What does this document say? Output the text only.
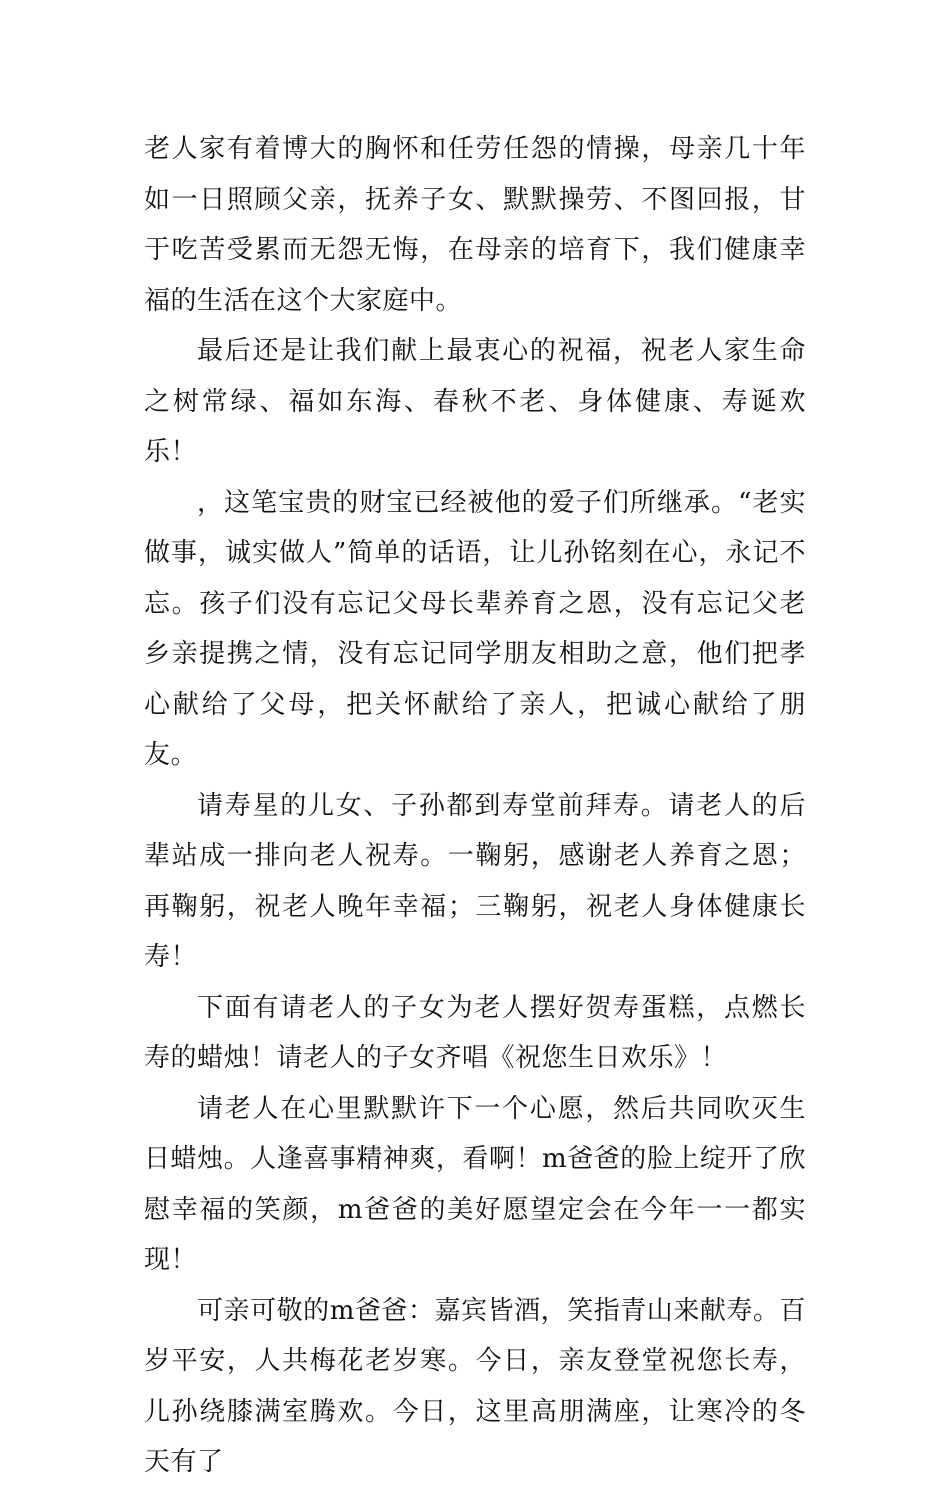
老人家有着博大的胸怀和任劳任怨的情操，母亲几十年如一日照顾父亲，抚养子女、默默操劳、不图回报，甘于吃苦受累而无怨无悔，在母亲的培育下，我们健康幸福的生活在这个大家庭中。

最后还是让我们献上最衷心的祝福，祝老人家生命之树常绿、福如东海、春秋不老、身体健康、寿诞欢乐！

，这笔宝贵的财宝已经被他的爱子们所继承。“老实做事，诚实做人”简单的话语，让儿孙铭刻在心，永记不忘。孩子们没有忘记父母长辈养育之恩，没有忘记父老乡亲提携之情，没有忘记同学朋友相助之意，他们把孝心献给了父母，把关怀献给了亲人，把诚心献给了朋友。

请寿星的儿女、子孙都到寿堂前拜寿。请老人的后辈站成一排向老人祝寿。一鞠躬，感谢老人养育之恩；再鞠躬，祝老人晚年幸福；三鞠躬，祝老人身体健康长寿！

下面有请老人的子女为老人摆好贺寿蛋糕，点燃长寿的蜡烛！请老人的子女齐唱《祝您生日欢乐》！

请老人在心里默默许下一个心愿，然后共同吹灭生日蜡烛。人逢喜事精神爽，看啊！m爸爸的脸上绽开了欣慰幸福的笑颜，m爸爸的美好愿望定会在今年一一都实现！

可亲可敬的m爸爸：嘉宾皆酒，笑指青山来献寿。百岁平安，人共梅花老岁寒。今日，亲友登堂祝您长寿，儿孙绕膝满室腾欢。今日，这里高朋满座，让寒冷的冬天有了
